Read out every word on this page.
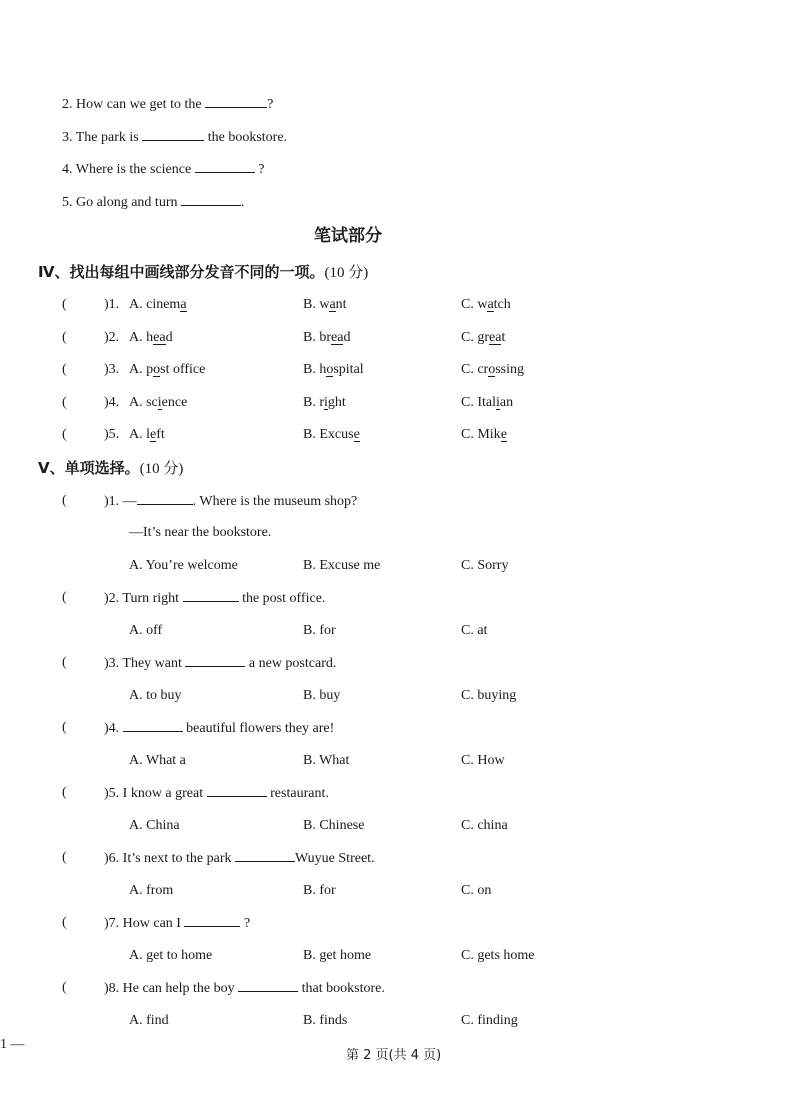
2. How can we get to the	?
3. The park is	the bookstore.
4. Where is the science	?
5. Go along and turn	.
笔试部分
Ⅳ、找出每组中画线部分发音不同的一项。(10 分)
(	)1. A. cinema	B. want	C. watch
(	)2. A. head	B. bread	C. great
(	)3. A. post office	B. hospital	C. crossing
(	)4. A. science	B. right	C. Italian
(	)5. A. left	B. Excuse	C. Mike
Ⅴ、单项选择。(10 分)
(	)1. —	. Where is the museum shop?
—It’s near the bookstore.
A. You’re welcome	B. Excuse me	C. Sorry
(	)2. Turn right	the post office.
A. off	B. for	C. at
(	)3. They want	a new postcard.
A. to buy	B. buy	C. buying
(	)4.	beautiful flowers they are!
A. What a	B. What	C. How
(	)5. I know a great	restaurant.
A. China	B. Chinese	C. china
(	)6. It’s next to the park	Wuyue Street.
A. from	B. for	C. on
(	)7. How can I	?
A. get to home	B. get home	C. gets home
(	)8. He can help the boy	that bookstore.
A. find	B. finds	C. finding
1 —
第 2 页(共 4 页)
